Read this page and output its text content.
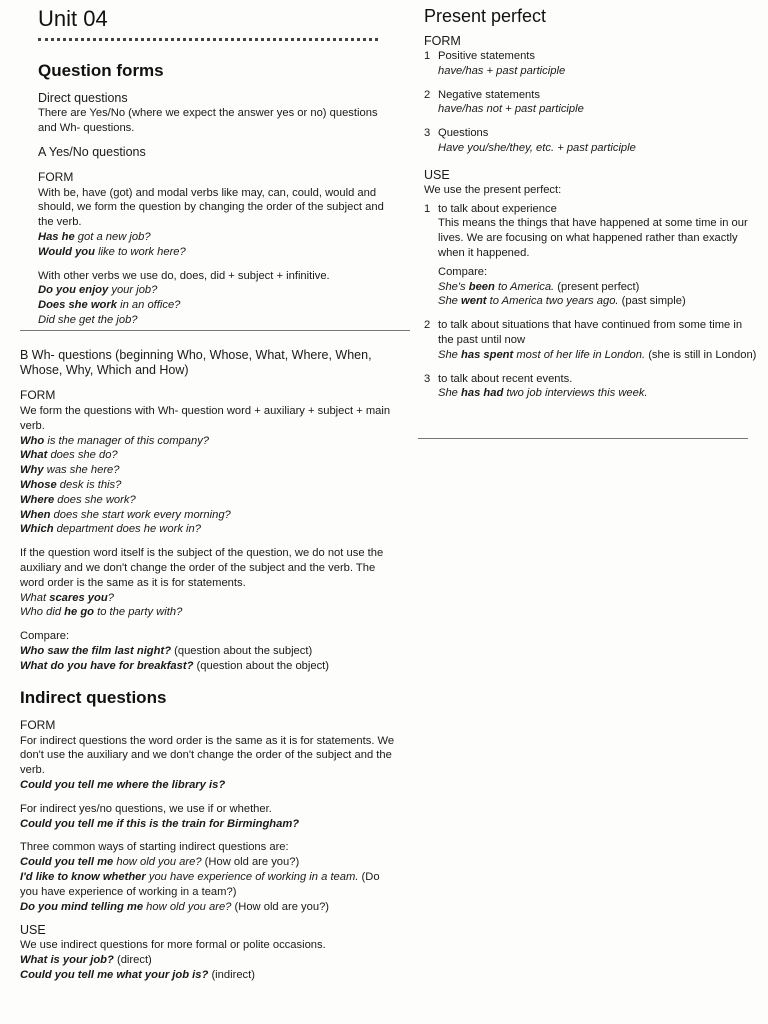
Unit 04
Question forms

Direct questions

There are Yes/No (where we expect the answer yes or no) questions and Wh- questions.

A Yes/No questions

FORM

With be, have (got) and modal verbs like may, can, could, would and should, we form the question by changing the order of the subject and the verb.

Has he got a new job?

Would you like to work here?

With other verbs we use do, does, did + subject + infinitive.

Do you enjoy your job?

Does she work in an office?

Did she get the job?

B Wh- questions (beginning Who, Whose, What, Where, When, Whose, Why, Which and How)

FORM

We form the questions with Wh- question word + auxiliary + subject + main verb.

Who is the manager of this company?

What does she do?

Why was she here?

Whose desk is this?

Where does she work?

When does she start work every morning?

Which department does he work in?

If the question word itself is the subject of the question, we do not use the auxiliary and we don't change the order of the subject and the verb. The word order is the same as it is for statements.

What scares you?

Who did he go to the party with?

Compare:

Who saw the film last night? (question about the subject)

What do you have for breakfast? (question about the object)

Indirect questions

FORM

For indirect questions the word order is the same as it is for statements. We don't use the auxiliary and we don't change the order of the subject and the verb.

Could you tell me where the library is?

For indirect yes/no questions, we use if or whether.

Could you tell me if this is the train for Birmingham?

Three common ways of starting indirect questions are:

Could you tell me how old you are? (How old are you?)

I'd like to know whether you have experience of working in a team. (Do you have experience of working in a team?)

Do you mind telling me how old you are? (How old are you?)

USE

We use indirect questions for more formal or polite occasions.

What is your job? (direct)

Could you tell me what your job is? (indirect)

Present perfect

FORM

1 Positive statements

have/has + past participle

2 Negative statements

have/has not + past participle

3 Questions

Have you/she/they, etc. + past participle

USE

We use the present perfect:

1 to talk about experience

This means the things that have happened at some time in our lives. We are focusing on what happened rather than exactly when it happened.

Compare:

She's been to America. (present perfect)

She went to America two years ago. (past simple)

2 to talk about situations that have continued from some time in the past until now

She has spent most of her life in London. (she is still in London)

3 to talk about recent events.

She has had two job interviews this week.
